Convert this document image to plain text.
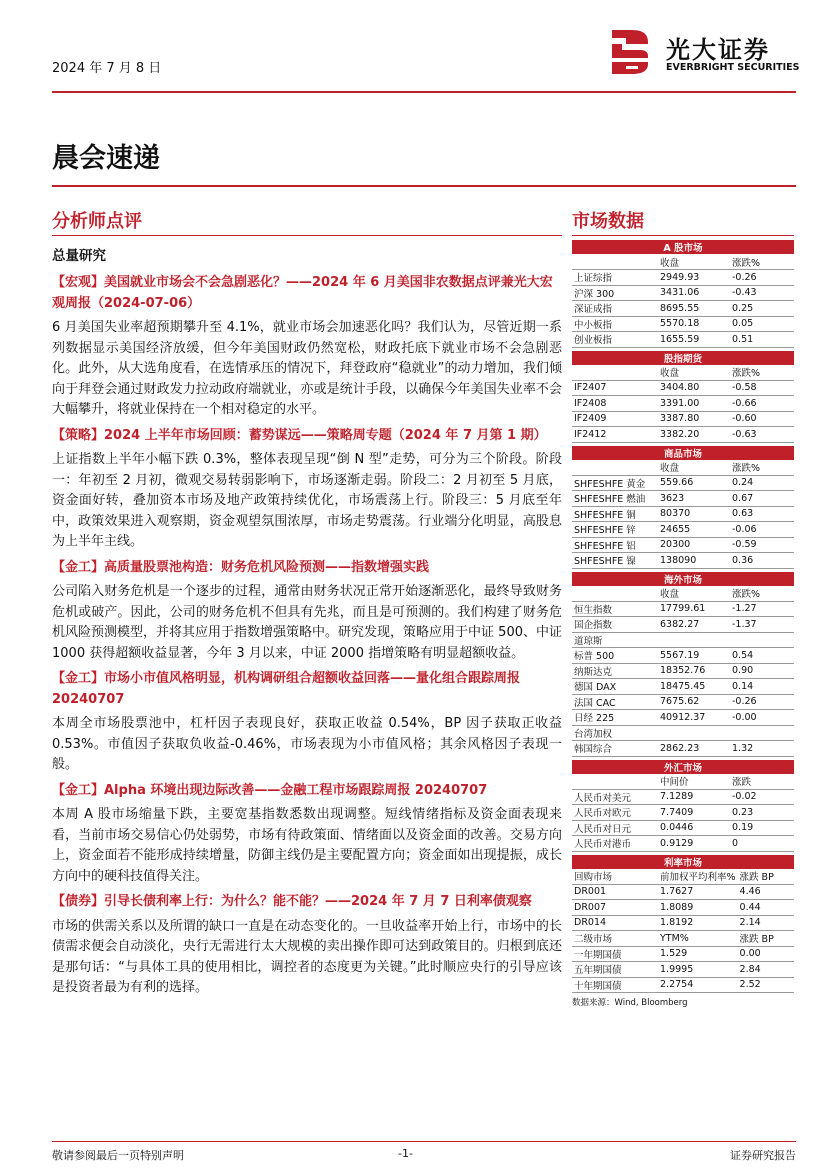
2024 年 7 月 8 日
光大证券
EVERBRIGHT SECURITIES
晨会速递
分析师点评
总量研究
【宏观】美国就业市场会不会急剧恶化？——2024 年 6 月美国非农数据点评兼光大宏观周报（2024-07-06）
6 月美国失业率超预期攀升至 4.1%，就业市场会加速恶化吗？我们认为，尽管近期一系列数据显示美国经济放缓，但今年美国财政仍然宽松，财政托底下就业市场不会急剧恶化。此外，从大选角度看，在选情承压的情况下，拜登政府“稳就业”的动力增加，我们倾向于拜登会通过财政发力拉动政府端就业，亦或是统计手段，以确保今年美国失业率不会大幅攀升，将就业保持在一个相对稳定的水平。
【策略】2024 上半年市场回顾：蓄势谋远——策略周专题（2024 年 7 月第 1 期）
上证指数上半年小幅下跌 0.3%，整体表现呈现“倒 N 型”走势，可分为三个阶段。阶段一：年初至 2 月初，微观交易转弱影响下，市场逐渐走弱。阶段二：2 月初至 5 月底，资金面好转，叠加资本市场及地产政策持续优化，市场震荡上行。阶段三：5 月底至年中，政策效果进入观察期，资金观望氛围浓厚，市场走势震荡。行业端分化明显，高股息为上半年主线。
【金工】高质量股票池构造：财务危机风险预测——指数增强实践
公司陷入财务危机是一个逐步的过程，通常由财务状况正常开始逐渐恶化，最终导致财务危机或破产。因此，公司的财务危机不但具有先兆，而且是可预测的。我们构建了财务危机风险预测模型，并将其应用于指数增强策略中。研究发现，策略应用于中证 500、中证 1000 获得超额收益显著，今年 3 月以来，中证 2000 指增策略有明显超额收益。
【金工】市场小市值风格明显，机构调研组合超额收益回落——量化组合跟踪周报 20240707
本周全市场股票池中，杠杆因子表现良好，获取正收益 0.54%，BP 因子获取正收益 0.53%。市值因子获取负收益-0.46%，市场表现为小市值风格；其余风格因子表现一般。
【金工】Alpha 环境出现边际改善——金融工程市场跟踪周报 20240707
本周 A 股市场缩量下跌，主要宽基指数悉数出现调整。短线情绪指标及资金面表现来看，当前市场交易信心仍处弱势，市场有待政策面、情绪面以及资金面的改善。交易方向上，资金面若不能形成持续增量，防御主线仍是主要配置方向；资金面如出现提振，成长方向中的硬科技值得关注。
【债券】引导长债利率上行：为什么？能不能？——2024 年 7 月 7 日利率债观察
市场的供需关系以及所谓的缺口一直是在动态变化的。一旦收益率开始上行，市场中的长债需求便会自动淡化，央行无需进行太大规模的卖出操作即可达到政策目的。归根到底还是那句话：“与具体工具的使用相比，调控者的态度更为关键。”此时顺应央行的引导应该是投资者最为有利的选择。
市场数据
A 股市场		
	收盘	涨跌%
上证综指	2949.93	-0.26
沪深 300	3431.06	-0.43
深证成指	8695.55	0.25
中小板指	5570.18	0.05
创业板指	1655.59	0.51
股指期货		
	收盘	涨跌%
IF2407	3404.80	-0.58
IF2408	3391.00	-0.66
IF2409	3387.80	-0.60
IF2412	3382.20	-0.63
商品市场		
	收盘	涨跌%
SHFESHFE 黄金	559.66	0.24
SHFESHFE 燃油	3623	0.67
SHFESHFE 铜	80370	0.63
SHFESHFE 锌	24655	-0.06
SHFESHFE 铝	20300	-0.59
SHFESHFE 镍	138090	0.36
海外市场		
	收盘	涨跌%
恒生指数	17799.61	-1.27
国企指数	6382.27	-1.37
道琼斯		
标普 500	5567.19	0.54
纳斯达克	18352.76	0.90
德国 DAX	18475.45	0.14
法国 CAC	7675.62	-0.26
日经 225	40912.37	-0.00
台湾加权		
韩国综合	2862.23	1.32
外汇市场		
	中间价	涨跌
人民币对美元	7.1289	-0.02
人民币对欧元	7.7409	0.23
人民币对日元	0.0446	0.19
人民币对港币	0.9129	0
利率市场		
回购市场	前加权平均利率%	涨跌 BP
DR001	1.7627	4.46
DR007	1.8089	0.44
DR014	1.8192	2.14
二级市场	YTM%	涨跌 BP
一年期国债	1.529	0.00
五年期国债	1.9995	2.84
十年期国债	2.2754	2.52
数据来源：Wind, Bloomberg
敬请参阅最后一页特别声明	-1-	证券研究报告
